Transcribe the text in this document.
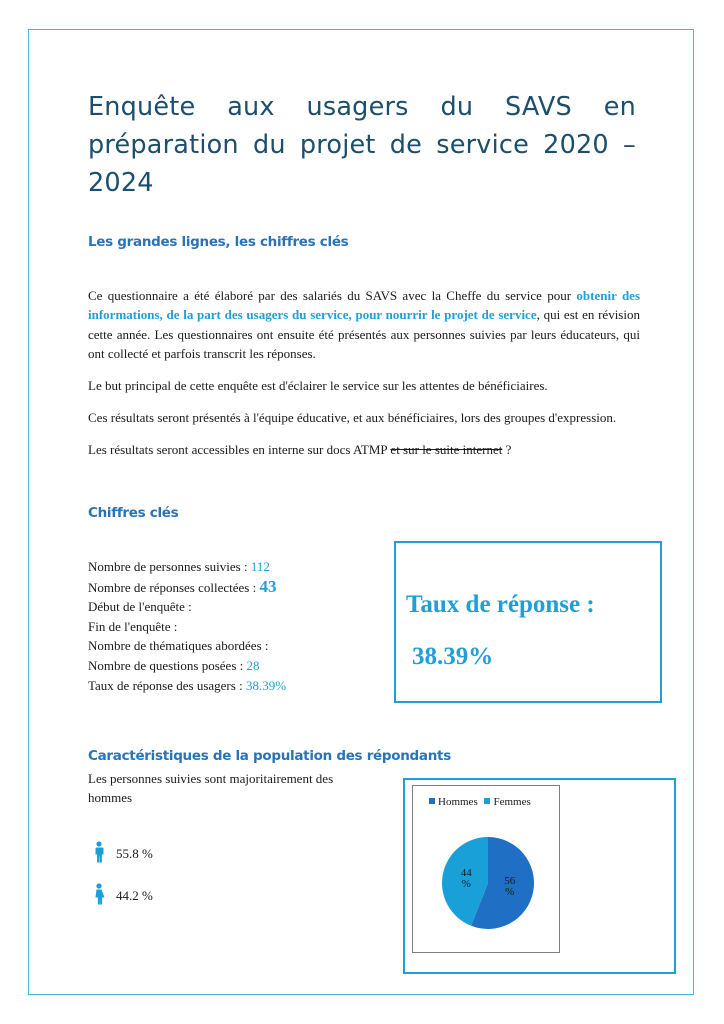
Enquête aux usagers du SAVS en préparation du projet de service 2020 – 2024
Les grandes lignes, les chiffres clés

Ce questionnaire a été élaboré par des salariés du SAVS avec la Cheffe du service pour obtenir des informations, de la part des usagers du service, pour nourrir le projet de service, qui est en révision cette année. Les questionnaires ont ensuite été présentés aux personnes suivies par leurs éducateurs, qui ont collecté et parfois transcrit les réponses.

Le but principal de cette enquête est d'éclairer le service sur les attentes de bénéficiaires.

Ces résultats seront présentés à l'équipe éducative, et aux bénéficiaires, lors des groupes d'expression.

Les résultats seront accessibles en interne sur docs ATMP et sur le suite internet ?

Chiffres clés
Nombre de personnes suivies : 112
Nombre de réponses collectées : 43
Début de l'enquête :
Fin de l'enquête :
Nombre de thématiques abordées :
Nombre de questions posées : 28
Taux de réponse des usagers : 38.39%

Taux de réponse :

38.39%
Caractéristiques de la population des répondants
Les personnes suivies sont majoritairement des hommes
55.8 %
44.2 %
Hommes Femmes
56 %
44 %
